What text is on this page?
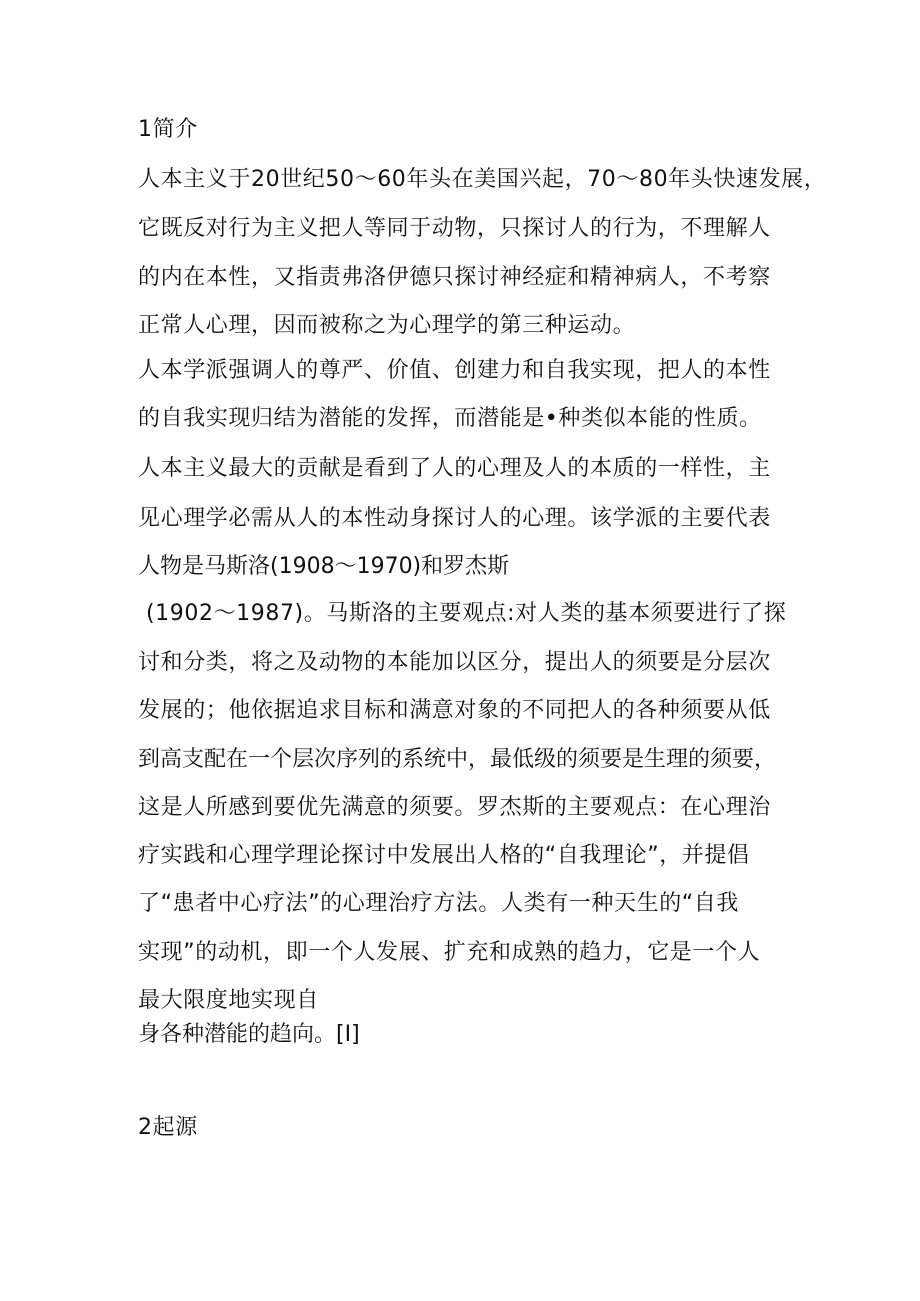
1简介
人本主义于20世纪50〜60年头在美国兴起，70〜80年头快速发展，
它既反对行为主义把人等同于动物，只探讨人的行为，不理解人
的内在本性，又指责弗洛伊德只探讨神经症和精神病人，不考察
正常人心理，因而被称之为心理学的第三种运动。
人本学派强调人的尊严、价值、创建力和自我实现，把人的本性
的自我实现归结为潜能的发挥，而潜能是•种类似本能的性质。
人本主义最大的贡献是看到了人的心理及人的本质的一样性，主
见心理学必需从人的本性动身探讨人的心理。该学派的主要代表
人物是马斯洛(1908〜1970)和罗杰斯
(1902〜1987)。马斯洛的主要观点:对人类的基本须要进行了探
讨和分类，将之及动物的本能加以区分，提出人的须要是分层次
发展的；他依据追求目标和满意对象的不同把人的各种须要从低
到高支配在一个层次序列的系统中，最低级的须要是生理的须要，
这是人所感到要优先满意的须要。罗杰斯的主要观点：在心理治
疗实践和心理学理论探讨中发展出人格的“自我理论”，并提倡
了“患者中心疗法”的心理治疗方法。人类有一种天生的“自我
实现”的动机，即一个人发展、扩充和成熟的趋力，它是一个人
最大限度地实现自
身各种潜能的趋向。[I]
2起源
